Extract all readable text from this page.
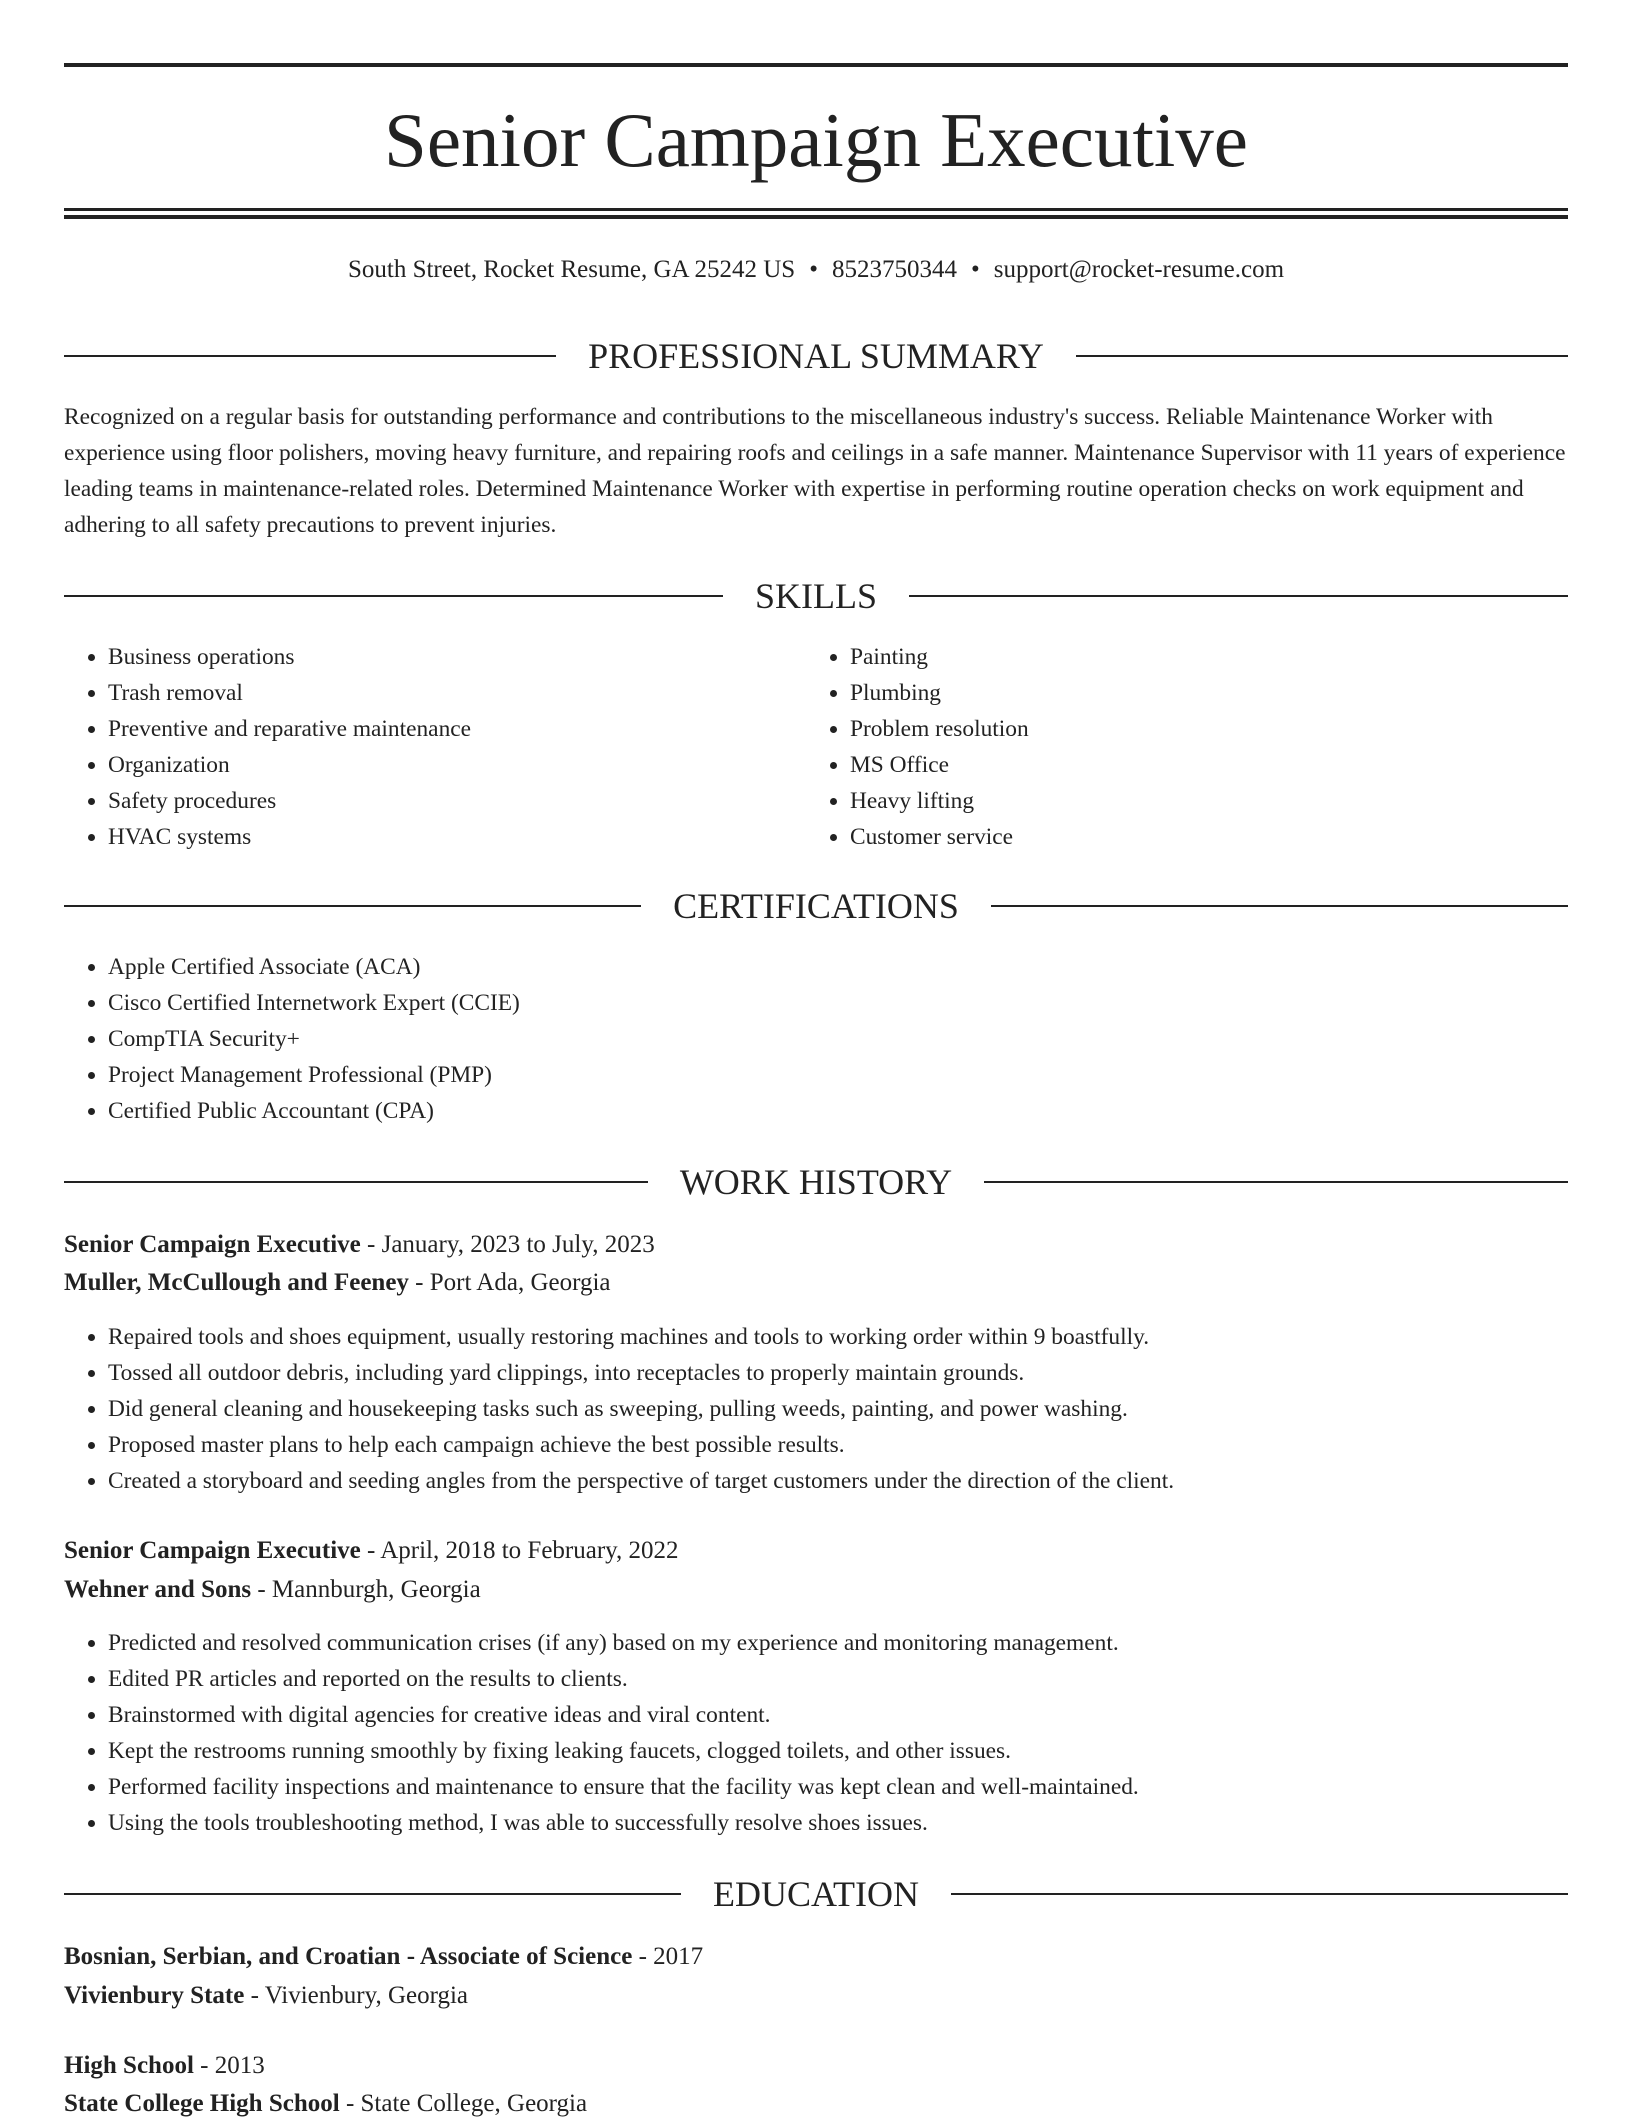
Senior Campaign Executive
South Street, Rocket Resume, GA 25242 US • 8523750344 • support@rocket-resume.com
PROFESSIONAL SUMMARY

Recognized on a regular basis for outstanding performance and contributions to the miscellaneous industry's success. Reliable Maintenance Worker with experience using floor polishers, moving heavy furniture, and repairing roofs and ceilings in a safe manner. Maintenance Supervisor with 11 years of experience leading teams in maintenance-related roles. Determined Maintenance Worker with expertise in performing routine operation checks on work equipment and adhering to all safety precautions to prevent injuries.

SKILLS
• Business operations
• Trash removal
• Preventive and reparative maintenance
• Organization
• Safety procedures
• HVAC systems
• Painting
• Plumbing
• Problem resolution
• MS Office
• Heavy lifting
• Customer service
CERTIFICATIONS
• Apple Certified Associate (ACA)
• Cisco Certified Internetwork Expert (CCIE)
• CompTIA Security+
• Project Management Professional (PMP)
• Certified Public Accountant (CPA)
WORK HISTORY
Senior Campaign Executive - January, 2023 to July, 2023
Muller, McCullough and Feeney - Port Ada, Georgia
• Repaired tools and shoes equipment, usually restoring machines and tools to working order within 9 boastfully.
• Tossed all outdoor debris, including yard clippings, into receptacles to properly maintain grounds.
• Did general cleaning and housekeeping tasks such as sweeping, pulling weeds, painting, and power washing.
• Proposed master plans to help each campaign achieve the best possible results.
• Created a storyboard and seeding angles from the perspective of target customers under the direction of the client.
Senior Campaign Executive - April, 2018 to February, 2022
Wehner and Sons - Mannburgh, Georgia
• Predicted and resolved communication crises (if any) based on my experience and monitoring management.
• Edited PR articles and reported on the results to clients.
• Brainstormed with digital agencies for creative ideas and viral content.
• Kept the restrooms running smoothly by fixing leaking faucets, clogged toilets, and other issues.
• Performed facility inspections and maintenance to ensure that the facility was kept clean and well-maintained.
• Using the tools troubleshooting method, I was able to successfully resolve shoes issues.
EDUCATION
Bosnian, Serbian, and Croatian - Associate of Science - 2017
Vivienbury State - Vivienbury, Georgia
High School - 2013
State College High School - State College, Georgia
